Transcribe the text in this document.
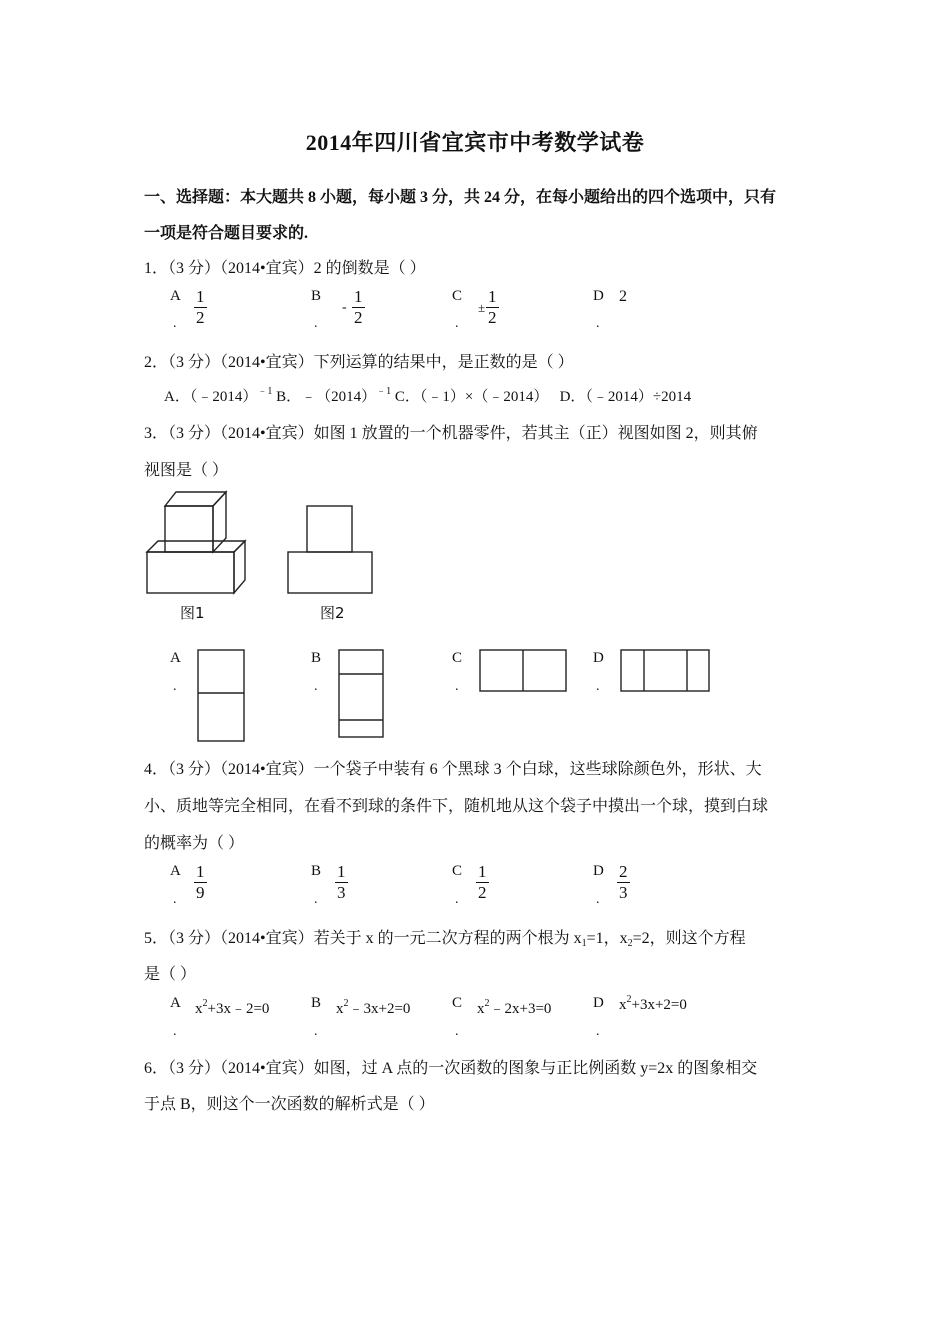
2014年四川省宜宾市中考数学试卷
一、选择题：本大题共 8 小题，每小题 3 分，共 24 分，在每小题给出的四个选项中，只有
一项是符合题目要求的.
1．（3 分）（2014•宜宾）2 的倒数是（ ）
A
.
1
2
B
.
-
1
2
C
.
±
1
2
D
.
2
2．（3 分）（2014•宜宾）下列运算的结果中，是正数的是（ ）
A．（﹣2014）$^{﹣1}$ B．$﹣(2014)^{﹣1}$ C．（﹣1）×（﹣2014） D．（﹣2014）÷2014
3．（3 分）（2014•宜宾）如图 1 放置的一个机器零件，若其主（正）视图如图 2，则其俯
视图是（ ）
图1	图2
A
.
B
.
C
.
D
.
4．（3 分）（2014•宜宾）一个袋子中装有 6 个黑球 3 个白球，这些球除颜色外，形状、大
小、质地等完全相同，在看不到球的条件下，随机地从这个袋子中摸出一个球，摸到白球
的概率为（ ）
A
.
1
9
B
.
1
3
C
.
1
2
D
.
2
3
5．（3 分）（2014•宜宾）若关于 x 的一元二次方程的两个根为 $x_1=1$，$x_2=2$，则这个方程
是（ ）
A
.
$x^2+3x﹣2=0$	B
.
$x^2﹣3x+2=0$	C
.
$x^2﹣2x+3=0$	D
.
$x^2+3x+2=0$
6．（3 分）（2014•宜宾）如图，过 A 点的一次函数的图象与正比例函数 y=2x 的图象相交
于点 B，则这个一次函数的解析式是（ ）
